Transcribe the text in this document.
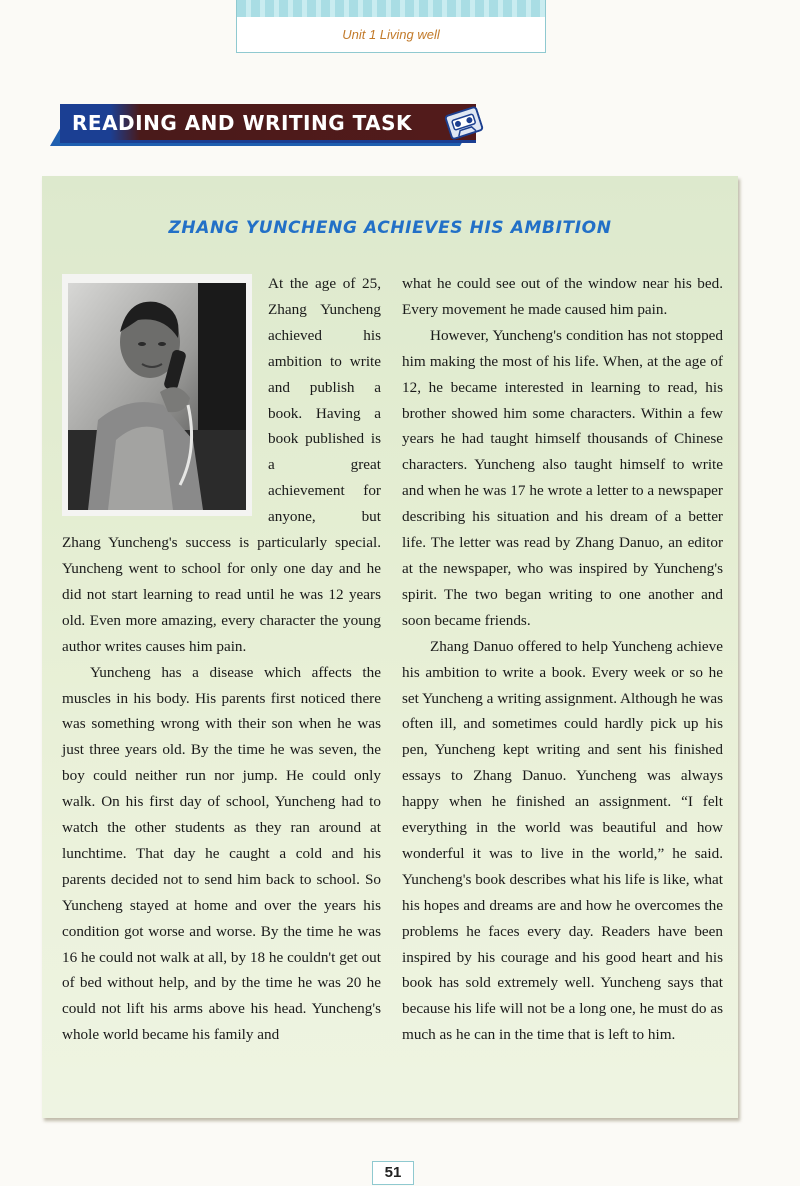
Unit 1 Living well
READING AND WRITING TASK
ZHANG YUNCHENG ACHIEVES HIS AMBITION

At the age of 25, Zhang Yuncheng achieved his ambition to write and publish a book. Having a book published is a great achievement for anyone, but Zhang Yuncheng's success is particularly special. Yuncheng went to school for only one day and he did not start learning to read until he was 12 years old. Even more amazing, every character the young author writes causes him pain.

Yuncheng has a disease which affects the muscles in his body. His parents first noticed there was something wrong with their son when he was just three years old. By the time he was seven, the boy could neither run nor jump. He could only walk. On his first day of school, Yuncheng had to watch the other students as they ran around at lunchtime. That day he caught a cold and his parents decided not to send him back to school. So Yuncheng stayed at home and over the years his condition got worse and worse. By the time he was 16 he could not walk at all, by 18 he couldn't get out of bed without help, and by the time he was 20 he could not lift his arms above his head. Yuncheng's whole world became his family and

what he could see out of the window near his bed. Every movement he made caused him pain.

However, Yuncheng's condition has not stopped him making the most of his life. When, at the age of 12, he became interested in learning to read, his brother showed him some characters. Within a few years he had taught himself thousands of Chinese characters. Yuncheng also taught himself to write and when he was 17 he wrote a letter to a newspaper describing his situation and his dream of a better life. The letter was read by Zhang Danuo, an editor at the newspaper, who was inspired by Yuncheng's spirit. The two began writing to one another and soon became friends.

Zhang Danuo offered to help Yuncheng achieve his ambition to write a book. Every week or so he set Yuncheng a writing assignment. Although he was often ill, and sometimes could hardly pick up his pen, Yuncheng kept writing and sent his finished essays to Zhang Danuo. Yuncheng was always happy when he finished an assignment. “I felt everything in the world was beautiful and how wonderful it was to live in the world,” he said. Yuncheng's book describes what his life is like, what his hopes and dreams are and how he overcomes the problems he faces every day. Readers have been inspired by his courage and his good heart and his book has sold extremely well. Yuncheng says that because his life will not be a long one, he must do as much as he can in the time that is left to him.

51
